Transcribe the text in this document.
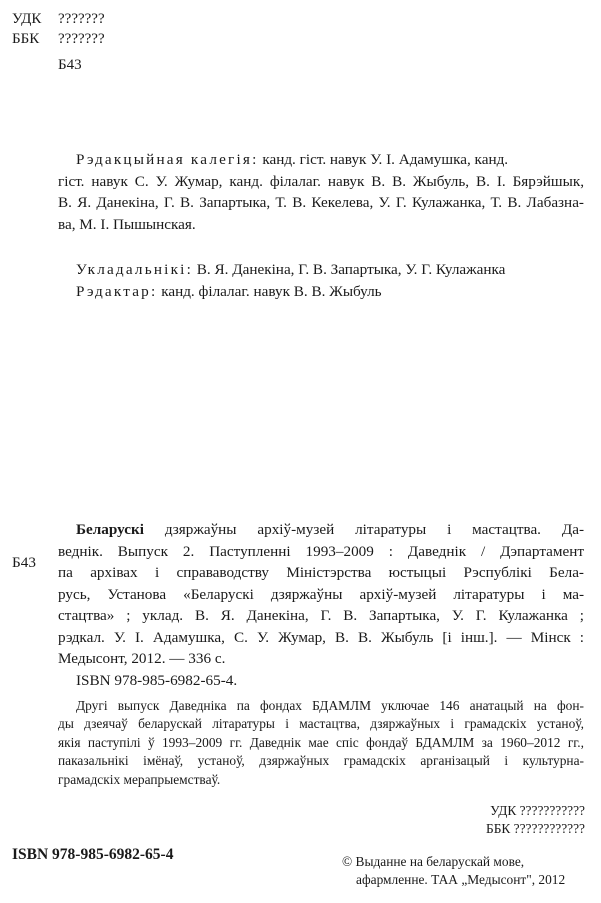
УДК ???????
ББК ???????
Б43
Рэдакцыйная калегія: канд. гіст. навук У. І. Адамушка, канд.
гіст. навук С. У. Жумар, канд. філалаг. навук В. В. Жыбуль, В. І. Бярэйшык,
В. Я. Данекіна, Г. В. Запартыка, Т. В. Кекелева, У. Г. Кулажанка, Т. В. Лабазна-
ва, М. І. Пышынская.
Укладальнікі: В. Я. Данекіна, Г. В. Запартыка, У. Г. Кулажанка
Рэдактар: канд. філалаг. навук В. В. Жыбуль
Б43
Беларускі дзяржаўны архіў-музей літаратуры і мастацтва. Да-
веднік. Выпуск 2. Паступленні 1993–2009 : Даведнік / Дэпартамент
па архівах і справаводству Міністэрства юстыцыі Рэспублікі Бела-
русь, Установа «Беларускі дзяржаўны архіў-музей літаратуры і ма-
стацтва» ; уклад. В. Я. Данекіна, Г. В. Запартыка, У. Г. Кулажанка ;
рэдкал. У. І. Адамушка, С. У. Жумар, В. В. Жыбуль [і інш.]. — Мінск :
Медысонт, 2012. — 336 с.
ISBN 978-985-6982-65-4.
Другі выпуск Даведніка па фондах БДАМЛМ уключае 146 анатацый на фон-
ды дзеячаў беларускай літаратуры і мастацтва, дзяржаўных і грамадскіх устаноў,
якія паступілі ў 1993–2009 гг. Даведнік мае спіс фондаў БДАМЛМ за 1960–2012 гг.,
паказальнікі імёнаў, устаноў, дзяржаўных грамадскіх арганізацый і культурна-
грамадскіх мерапрыемстваў.
УДК ???????????
ББК ????????????
ISBN 978-985-6982-65-4	© Выданне на беларускай мове,
афармленне. ТАА „Медысонт", 2012
